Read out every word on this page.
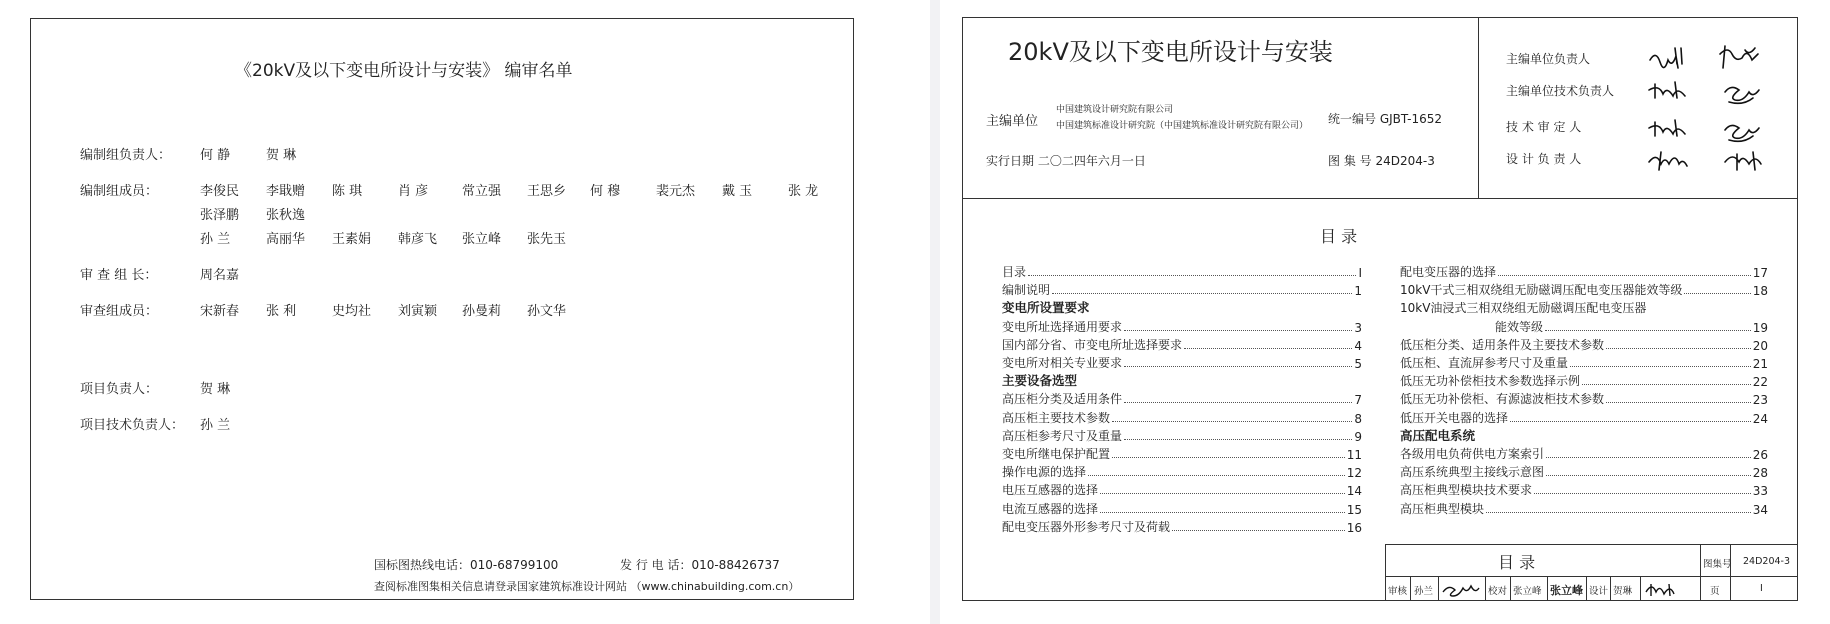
《20kV及以下变电所设计与安装》 编审名单
编制组负责人： 何 静	贺 琳
编制组成员：	李俊民 李戢赠 陈 琪	肖 彦	常立强 王思乡 何 穆	裴元杰 戴 玉	张 龙
张泽鹏 张秋逸
孙 兰	高丽华 王素娟 韩彦飞 张立峰 张先玉
审 查 组 长：	周名嘉
审查组成员：	宋新春 张 利	史均社 刘寅颖 孙曼莉 孙文华
项目负责人：	贺 琳
项目技术负责人： 孙 兰
国标图热线电话：010-68799100	发 行 电 话：010-88426737
查阅标准图集相关信息请登录国家建筑标准设计网站 （www.chinabuilding.com.cn）
20kV及以下变电所设计与安装
主编单位
中国建筑设计研究院有限公司
中国建筑标准设计研究院（中国建筑标准设计研究院有限公司） 统一编号 GJBT-1652
实行日期 二〇二四年六月一日	图 集 号 24D204-3
主编单位负责人
主编单位技术负责人
技 术 审 定 人
设 计 负 责 人
目 录
目录	I
编制说明	1
变电所设置要求
变电所址选择通用要求	3
国内部分省、市变电所址选择要求	4
变电所对相关专业要求	5
主要设备选型
高压柜分类及适用条件	7
高压柜主要技术参数	8
高压柜参考尺寸及重量	9
变电所继电保护配置	11
操作电源的选择	12
电压互感器的选择	14
电流互感器的选择	15
配电变压器外形参考尺寸及荷载	16
配电变压器的选择	17
10kV干式三相双绕组无励磁调压配电变压器能效等级	18
10kV油浸式三相双绕组无励磁调压配电变压器
能效等级	19
低压柜分类、适用条件及主要技术参数	20
低压柜、直流屏参考尺寸及重量	21
低压无功补偿柜技术参数选择示例	22
低压无功补偿柜、有源滤波柜技术参数	23
低压开关电器的选择	24
高压配电系统
各级用电负荷供电方案索引	26
高压系统典型主接线示意图	28
高压柜典型模块技术要求	33
高压柜典型模块	34
目 录	图集号 24D204-3
审核 孙兰	校对 张立峰 张立峰 设计 贺琳	页	I
